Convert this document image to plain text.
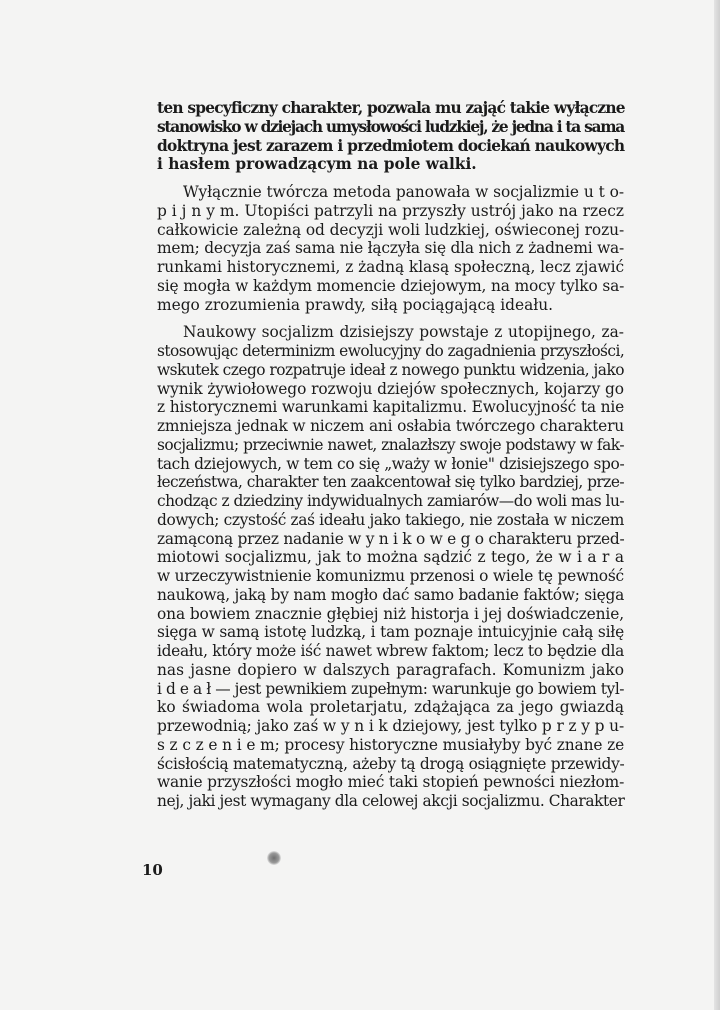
ten specyficzny charakter, pozwala mu zająć takie wyłączne
stanowisko w dziejach umysłowości ludzkiej, że jedna i ta sama
doktryna jest zarazem i przedmiotem dociekań naukowych
i hasłem prowadzącym na pole walki.
Wyłącznie twórcza metoda panowała w socjalizmie u t o-
p i j n y m. Utopiści patrzyli na przyszły ustrój jako na rzecz
całkowicie zależną od decyzji woli ludzkiej, oświeconej rozu-
mem; decyzja zaś sama nie łączyła się dla nich z żadnemi wa-
runkami historycznemi, z żadną klasą społeczną, lecz zjawić
się mogła w każdym momencie dziejowym, na mocy tylko sa-
mego zrozumienia prawdy, siłą pociągającą ideału.
Naukowy socjalizm dzisiejszy powstaje z utopijnego, za-
stosowując determinizm ewolucyjny do zagadnienia przyszłości,
wskutek czego rozpatruje ideał z nowego punktu widzenia, jako
wynik żywiołowego rozwoju dziejów społecznych, kojarzy go
z historycznemi warunkami kapitalizmu. Ewolucyjność ta nie
zmniejsza jednak w niczem ani osłabia twórczego charakteru
socjalizmu; przeciwnie nawet, znalazłszy swoje podstawy w fak-
tach dziejowych, w tem co się „waży w łonie" dzisiejszego spo-
łeczeństwa, charakter ten zaakcentował się tylko bardziej, prze-
chodząc z dziedziny indywidualnych zamiarów—do woli mas lu-
dowych; czystość zaś ideału jako takiego, nie została w niczem
zamąconą przez nadanie w y n i k o w e g o charakteru przed-
miotowi socjalizmu, jak to można sądzić z tego, że w i a r a
w urzeczywistnienie komunizmu przenosi o wiele tę pewność
naukową, jaką by nam mogło dać samo badanie faktów; sięga
ona bowiem znacznie głębiej niż historja i jej doświadczenie,
sięga w samą istotę ludzką, i tam poznaje intuicyjnie całą siłę
ideału, który może iść nawet wbrew faktom; lecz to będzie dla
nas jasne dopiero w dalszych paragrafach. Komunizm jako
i d e a ł — jest pewnikiem zupełnym: warunkuje go bowiem tyl-
ko świadoma wola proletarjatu, zdążająca za jego gwiazdą
przewodnią; jako zaś w y n i k dziejowy, jest tylko p r z y p u-
s z c z e n i e m; procesy historyczne musiałyby być znane ze
ścisłością matematyczną, ażeby tą drogą osiągnięte przewidy-
wanie przyszłości mogło mieć taki stopień pewności niezłom-
nej, jaki jest wymagany dla celowej akcji socjalizmu. Charakter
10
